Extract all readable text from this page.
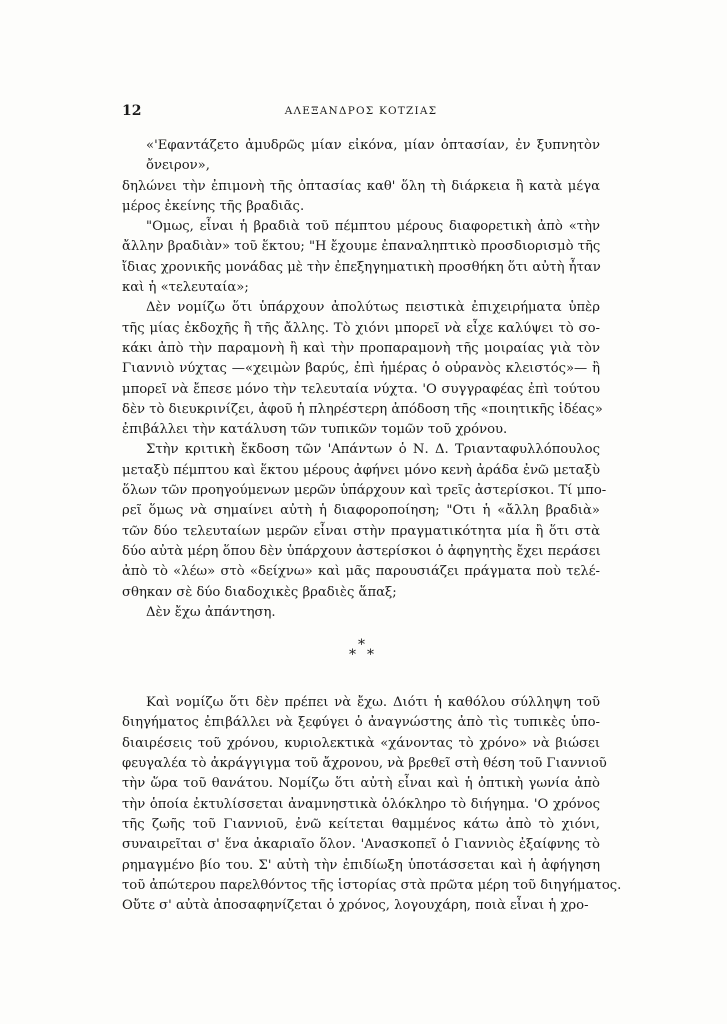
12	ΑΛΕΞΑΝΔΡΟΣ ΚΟΤΖΙΑΣ
«'Εφαντάζετο ἀμυδρῶς μίαν εἰκόνα, μίαν ὀπτασίαν, ἐν ξυπνητὸν
ὄνειρον»,
δηλώνει τὴν ἐπιμονὴ τῆς ὀπτασίας καθ' ὅλη τὴ διάρκεια ἢ κατὰ μέγα
μέρος ἐκείνης τῆς βραδιᾶς.
"Ομως, εἶναι ἡ βραδιὰ τοῦ πέμπτου μέρους διαφορετικὴ ἀπὸ «τὴν
ἄλλην βραδιὰν» τοῦ ἕκτου; "Η ἔχουμε ἐπαναληπτικὸ προσδιορισμὸ τῆς
ἴδιας χρονικῆς μονάδας μὲ τὴν ἐπεξηγηματικὴ προσθήκη ὅτι αὐτὴ ἦταν
καὶ ἡ «τελευταία»;
Δὲν νομίζω ὅτι ὑπάρχουν ἀπολύτως πειστικὰ ἐπιχειρήματα ὑπὲρ
τῆς μίας ἐκδοχῆς ἢ τῆς ἄλλης. Τὸ χιόνι μπορεῖ νὰ εἶχε καλύψει τὸ σο-
κάκι ἀπὸ τὴν παραμονὴ ἢ καὶ τὴν προπαραμονὴ τῆς μοιραίας γιὰ τὸν
Γιαννιὸ νύχτας —«χειμὼν βαρύς, ἐπὶ ἡμέρας ὁ οὐρανὸς κλειστός»— ἢ
μπορεῖ νὰ ἔπεσε μόνο τὴν τελευταία νύχτα. 'Ο συγγραφέας ἐπὶ τούτου
δὲν τὸ διευκρινίζει, ἀφοῦ ἡ πληρέστερη ἀπόδοση τῆς «ποιητικῆς ἰδέας»
ἐπιβάλλει τὴν κατάλυση τῶν τυπικῶν τομῶν τοῦ χρόνου.
Στὴν κριτικὴ ἔκδοση τῶν 'Απάντων ὁ Ν. Δ. Τριανταφυλλόπουλος
μεταξὺ πέμπτου καὶ ἕκτου μέρους ἀφήνει μόνο κενὴ ἀράδα ἐνῶ μεταξὺ
ὅλων τῶν προηγούμενων μερῶν ὑπάρχουν καὶ τρεῖς ἀστερίσκοι. Τί μπο-
ρεῖ ὅμως νὰ σημαίνει αὐτὴ ἡ διαφοροποίηση; "Οτι ἡ «ἄλλη βραδιὰ»
τῶν δύο τελευταίων μερῶν εἶναι στὴν πραγματικότητα μία ἢ ὅτι στὰ
δύο αὐτὰ μέρη ὅπου δὲν ὑπάρχουν ἀστερίσκοι ὁ ἀφηγητὴς ἔχει περάσει
ἀπὸ τὸ «λέω» στὸ «δείχνω» καὶ μᾶς παρουσιάζει πράγματα ποὺ τελέ-
σθηκαν σὲ δύο διαδοχικὲς βραδιὲς ἅπαξ;
Δὲν ἔχω ἀπάντηση.
*
* *
Καὶ νομίζω ὅτι δὲν πρέπει νὰ ἔχω. Διότι ἡ καθόλου σύλληψη τοῦ
διηγήματος ἐπιβάλλει νὰ ξεφύγει ὁ ἀναγνώστης ἀπὸ τὶς τυπικὲς ὑπο-
διαιρέσεις τοῦ χρόνου, κυριολεκτικὰ «χάνοντας τὸ χρόνο» νὰ βιώσει
φευγαλέα τὸ ἀκράγγιγμα τοῦ ἄχρονου, νὰ βρεθεῖ στὴ θέση τοῦ Γιαννιοῦ
τὴν ὥρα τοῦ θανάτου. Νομίζω ὅτι αὐτὴ εἶναι καὶ ἡ ὀπτικὴ γωνία ἀπὸ
τὴν ὁποία ἐκτυλίσσεται ἀναμνηστικὰ ὁλόκληρο τὸ διήγημα. 'Ο χρόνος
τῆς ζωῆς τοῦ Γιαννιοῦ, ἐνῶ κείτεται θαμμένος κάτω ἀπὸ τὸ χιόνι,
συναιρεῖται σ' ἕνα ἀκαριαῖο ὅλον. 'Ανασκοπεῖ ὁ Γιαννιὸς ἐξαίφνης τὸ
ρημαγμένο βίο του. Σ' αὐτὴ τὴν ἐπιδίωξη ὑποτάσσεται καὶ ἡ ἀφήγηση
τοῦ ἀπώτερου παρελθόντος τῆς ἱστορίας στὰ πρῶτα μέρη τοῦ διηγήματος.
Οὔτε σ' αὐτὰ ἀποσαφηνίζεται ὁ χρόνος, λογουχάρη, ποιὰ εἶναι ἡ χρο-
